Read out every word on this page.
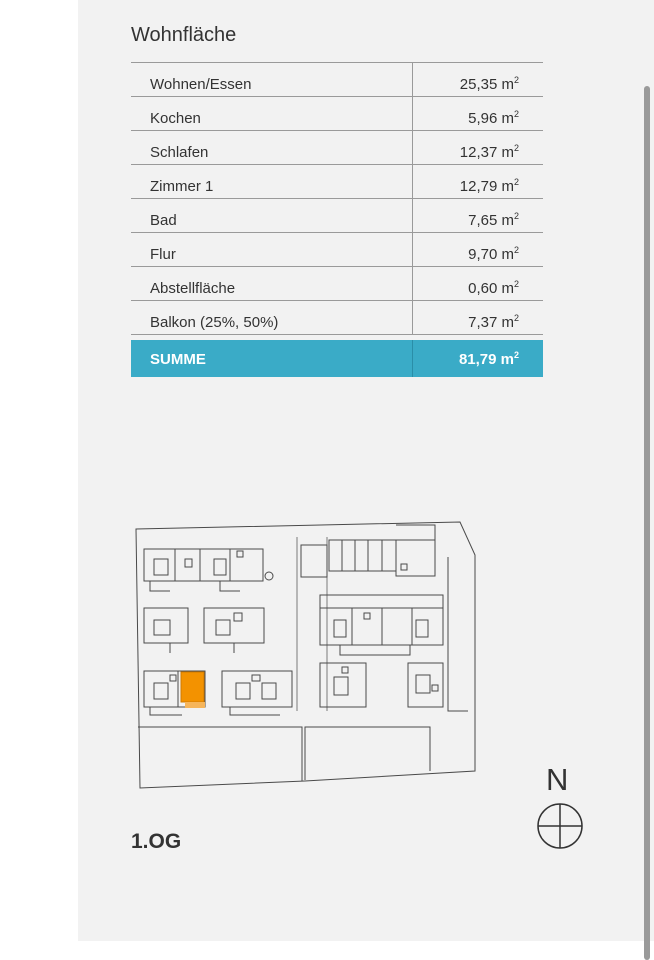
Wohnfläche
Wohnen/Essen	25,35 $m^2$
Kochen	5,96 $m^2$
Schlafen	12,37 $m^2$
Zimmer 1	12,79 $m^2$
Bad	7,65 $m^2$
Flur	9,70 $m^2$
Abstellfläche	0,60 $m^2$
Balkon (25%, 50%)	7,37 $m^2$
SUMME	81,79 $m^2$
1.OG
N
